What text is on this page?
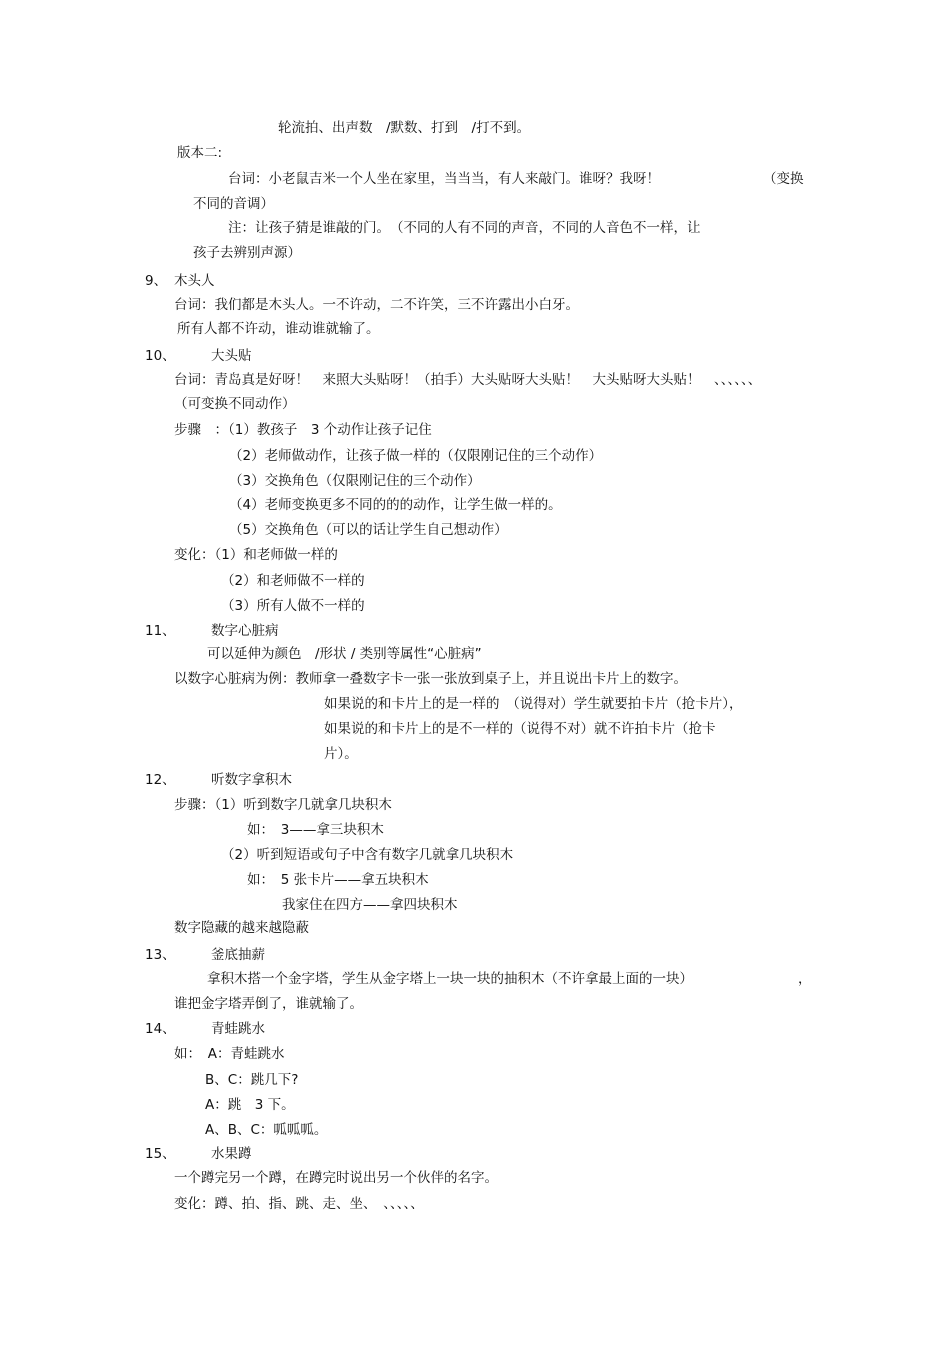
轮流拍、出声数　/默数、打到　/打不到。
版本二:
台词：小老鼠吉米一个人坐在家里，当当当，有人来敲门。谁呀？我呀！	（变换
不同的音调）
注：让孩子猜是谁敲的门。　（不同的人有不同的声音，不同的人音色不一样，让
孩子去辨别声源）
9、 木头人
台词：我们都是木头人。一不许动，二不许笑，三不许露出小白牙。
所有人都不许动，谁动谁就输了。
10、	大头贴
台词：青岛真是好呀！　来照大头贴呀！（拍手）大头贴呀大头贴！　大头贴呀大头贴！　、、、、、、
（可变换不同动作）
步骤　：（1）教孩子　3 个动作让孩子记住
（2）老师做动作，让孩子做一样的（仅限刚记住的三个动作）
（3）交换角色（仅限刚记住的三个动作）
（4）老师变换更多不同的的的动作，让学生做一样的。
（5）交换角色（可以的话让学生自己想动作）
变化：（1）和老师做一样的
（2）和老师做不一样的
（3）所有人做不一样的
11、	数字心脏病
可以延伸为颜色　/形状 / 类别等属性“心脏病”
以数字心脏病为例：教师拿一叠数字卡一张一张放到桌子上，并且说出卡片上的数字。
如果说的和卡片上的是一样的　（说得对）学生就要拍卡片（抢卡片），
如果说的和卡片上的是不一样的（说得不对）就不许拍卡片（抢卡
片）。
12、	听数字拿积木
步骤：（1）听到数字几就拿几块积木
如：　3——拿三块积木
（2）听到短语或句子中含有数字几就拿几块积木
如：　5 张卡片——拿五块积木
我家住在四方——拿四块积木
数字隐藏的越来越隐蔽
13、	釜底抽薪
拿积木搭一个金字塔，学生从金字塔上一块一块的抽积木（不许拿最上面的一块）	，
谁把金字塔弄倒了，谁就输了。
14、	青蛙跳水
如：　A：青蛙跳水
B、C：跳几下?
A：跳　3 下。
A、B、C：呱呱呱。
15、	水果蹲
一个蹲完另一个蹲，在蹲完时说出另一个伙伴的名字。
变化：蹲、拍、指、跳、走、坐、　、、、、、
